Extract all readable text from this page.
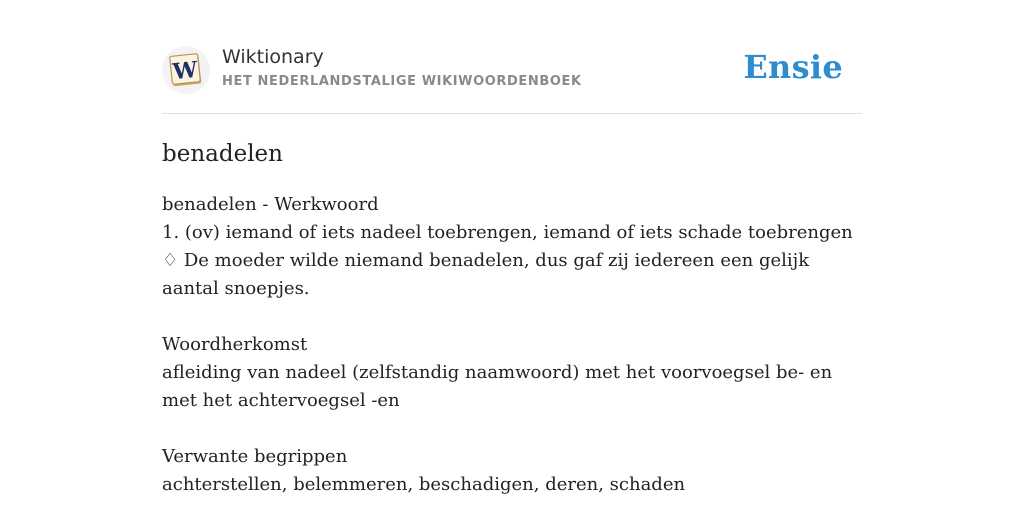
W Wiktionary
HET NEDERLANDSTALIGE WIKIWOORDENBOEK	Ensie
benadelen
benadelen - Werkwoord
1. (ov) iemand of iets nadeel toebrengen, iemand of iets schade toebrengen
♢ De moeder wilde niemand benadelen, dus gaf zij iedereen een gelijk aantal snoepjes.
Woordherkomst
afleiding van nadeel (zelfstandig naamwoord) met het voorvoegsel be- en met het achtervoegsel -en
Verwante begrippen
achterstellen, belemmeren, beschadigen, deren, schaden
